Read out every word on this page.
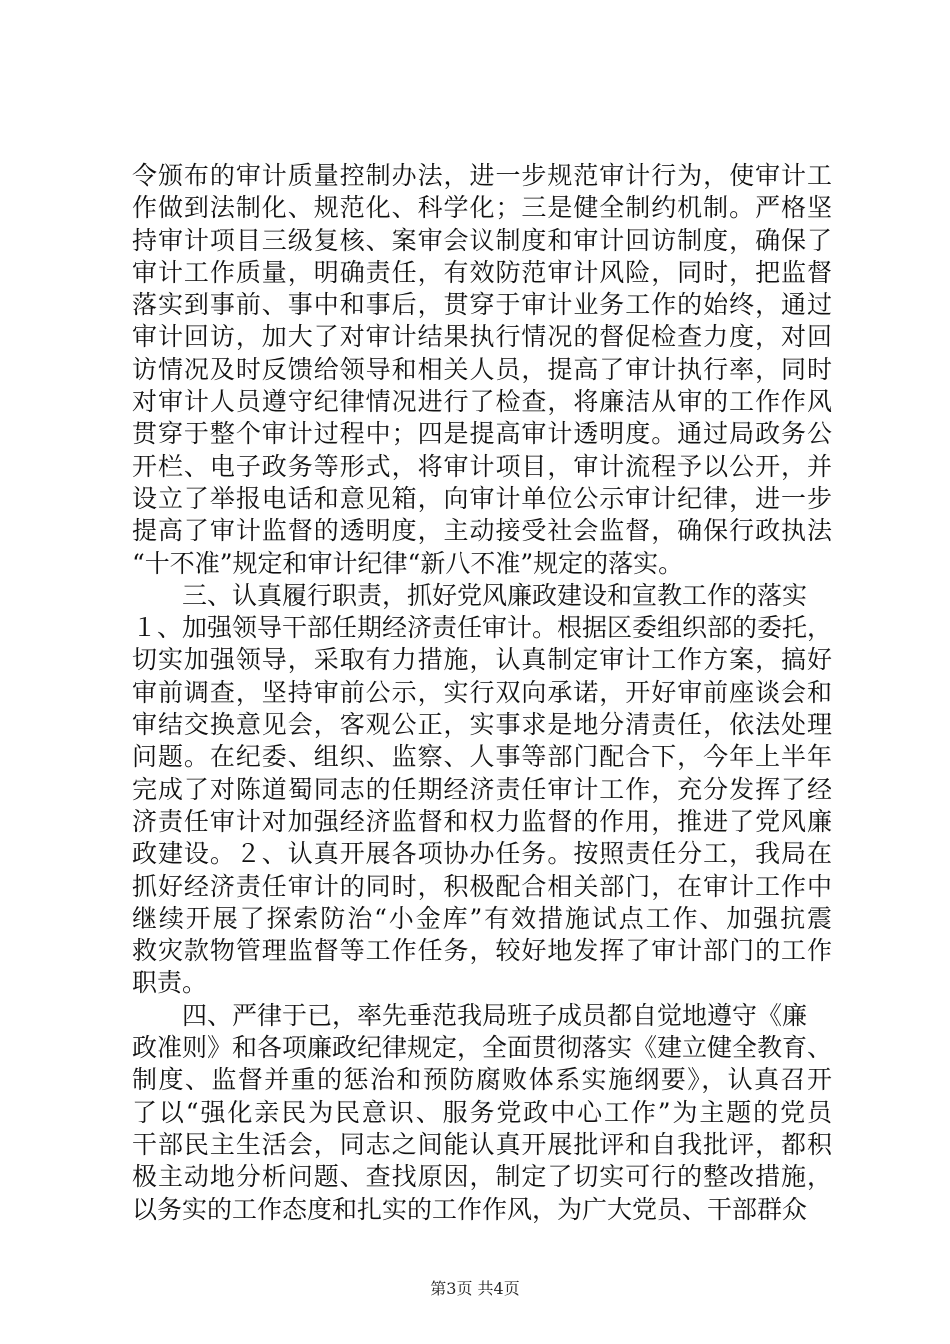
令颁布的审计质量控制办法，进一步规范审计行为，使审计工
作做到法制化、规范化、科学化；三是健全制约机制。严格坚
持审计项目三级复核、案审会议制度和审计回访制度，确保了
审计工作质量，明确责任，有效防范审计风险，同时，把监督
落实到事前、事中和事后，贯穿于审计业务工作的始终，通过
审计回访，加大了对审计结果执行情况的督促检查力度，对回
访情况及时反馈给领导和相关人员，提高了审计执行率，同时
对审计人员遵守纪律情况进行了检查，将廉洁从审的工作作风
贯穿于整个审计过程中；四是提高审计透明度。通过局政务公
开栏、电子政务等形式，将审计项目，审计流程予以公开，并
设立了举报电话和意见箱，向审计单位公示审计纪律，进一步
提高了审计监督的透明度，主动接受社会监督，确保行政执法
“十不准”规定和审计纪律“新八不准”规定的落实。
　　三、认真履行职责，抓好党风廉政建设和宣教工作的落实
１、加强领导干部任期经济责任审计。根据区委组织部的委托，
切实加强领导，采取有力措施，认真制定审计工作方案，搞好
审前调查，坚持审前公示，实行双向承诺，开好审前座谈会和
审结交换意见会，客观公正，实事求是地分清责任，依法处理
问题。在纪委、组织、监察、人事等部门配合下，今年上半年
完成了对陈道蜀同志的任期经济责任审计工作，充分发挥了经
济责任审计对加强经济监督和权力监督的作用，推进了党风廉
政建设。２、认真开展各项协办任务。按照责任分工，我局在
抓好经济责任审计的同时，积极配合相关部门，在审计工作中
继续开展了探索防治“小金库”有效措施试点工作、加强抗震
救灾款物管理监督等工作任务，较好地发挥了审计部门的工作
职责。
　　四、严律于已，率先垂范我局班子成员都自觉地遵守《廉
政准则》和各项廉政纪律规定，全面贯彻落实《建立健全教育、
制度、监督并重的惩治和预防腐败体系实施纲要》，认真召开
了以“强化亲民为民意识、服务党政中心工作”为主题的党员
干部民主生活会，同志之间能认真开展批评和自我批评，都积
极主动地分析问题、查找原因，制定了切实可行的整改措施，
以务实的工作态度和扎实的工作作风，为广大党员、干部群众
第3页 共4页
